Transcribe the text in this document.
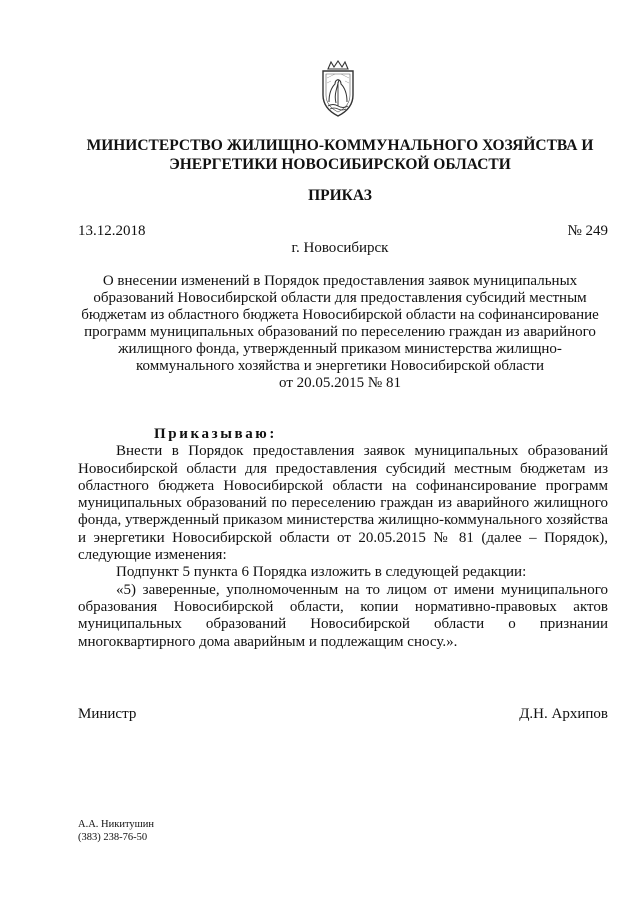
МИНИСТЕРСТВО ЖИЛИЩНО-КОММУНАЛЬНОГО ХОЗЯЙСТВА И
ЭНЕРГЕТИКИ НОВОСИБИРСКОЙ ОБЛАСТИ
ПРИКАЗ
13.12.2018	№ 249
г. Новосибирск
О внесении изменений в Порядок предоставления заявок муниципальных
образований Новосибирской области для предоставления субсидий местным
бюджетам из областного бюджета Новосибирской области на софинансирование
программ муниципальных образований по переселению граждан из аварийного
жилищного фонда, утвержденный приказом министерства жилищно-
коммунального хозяйства и энергетики Новосибирской области
от 20.05.2015 № 81

Приказываю:

Внести в Порядок предоставления заявок муниципальных образований Новосибирской области для предоставления субсидий местным бюджетам из областного бюджета Новосибирской области на софинансирование программ муниципальных образований по переселению граждан из аварийного жилищного фонда, утвержденный приказом министерства жилищно-коммунального хозяйства и энергетики Новосибирской области от 20.05.2015 № 81 (далее – Порядок), следующие изменения:

Подпункт 5 пункта 6 Порядка изложить в следующей редакции:

«5) заверенные, уполномоченным на то лицом от имени муниципального образования Новосибирской области, копии нормативно-правовых актов муниципальных образований Новосибирской области о признании многоквартирного дома аварийным и подлежащим сносу.».

Министр	Д.Н. Архипов
А.А. Никитушин
(383) 238-76-50
